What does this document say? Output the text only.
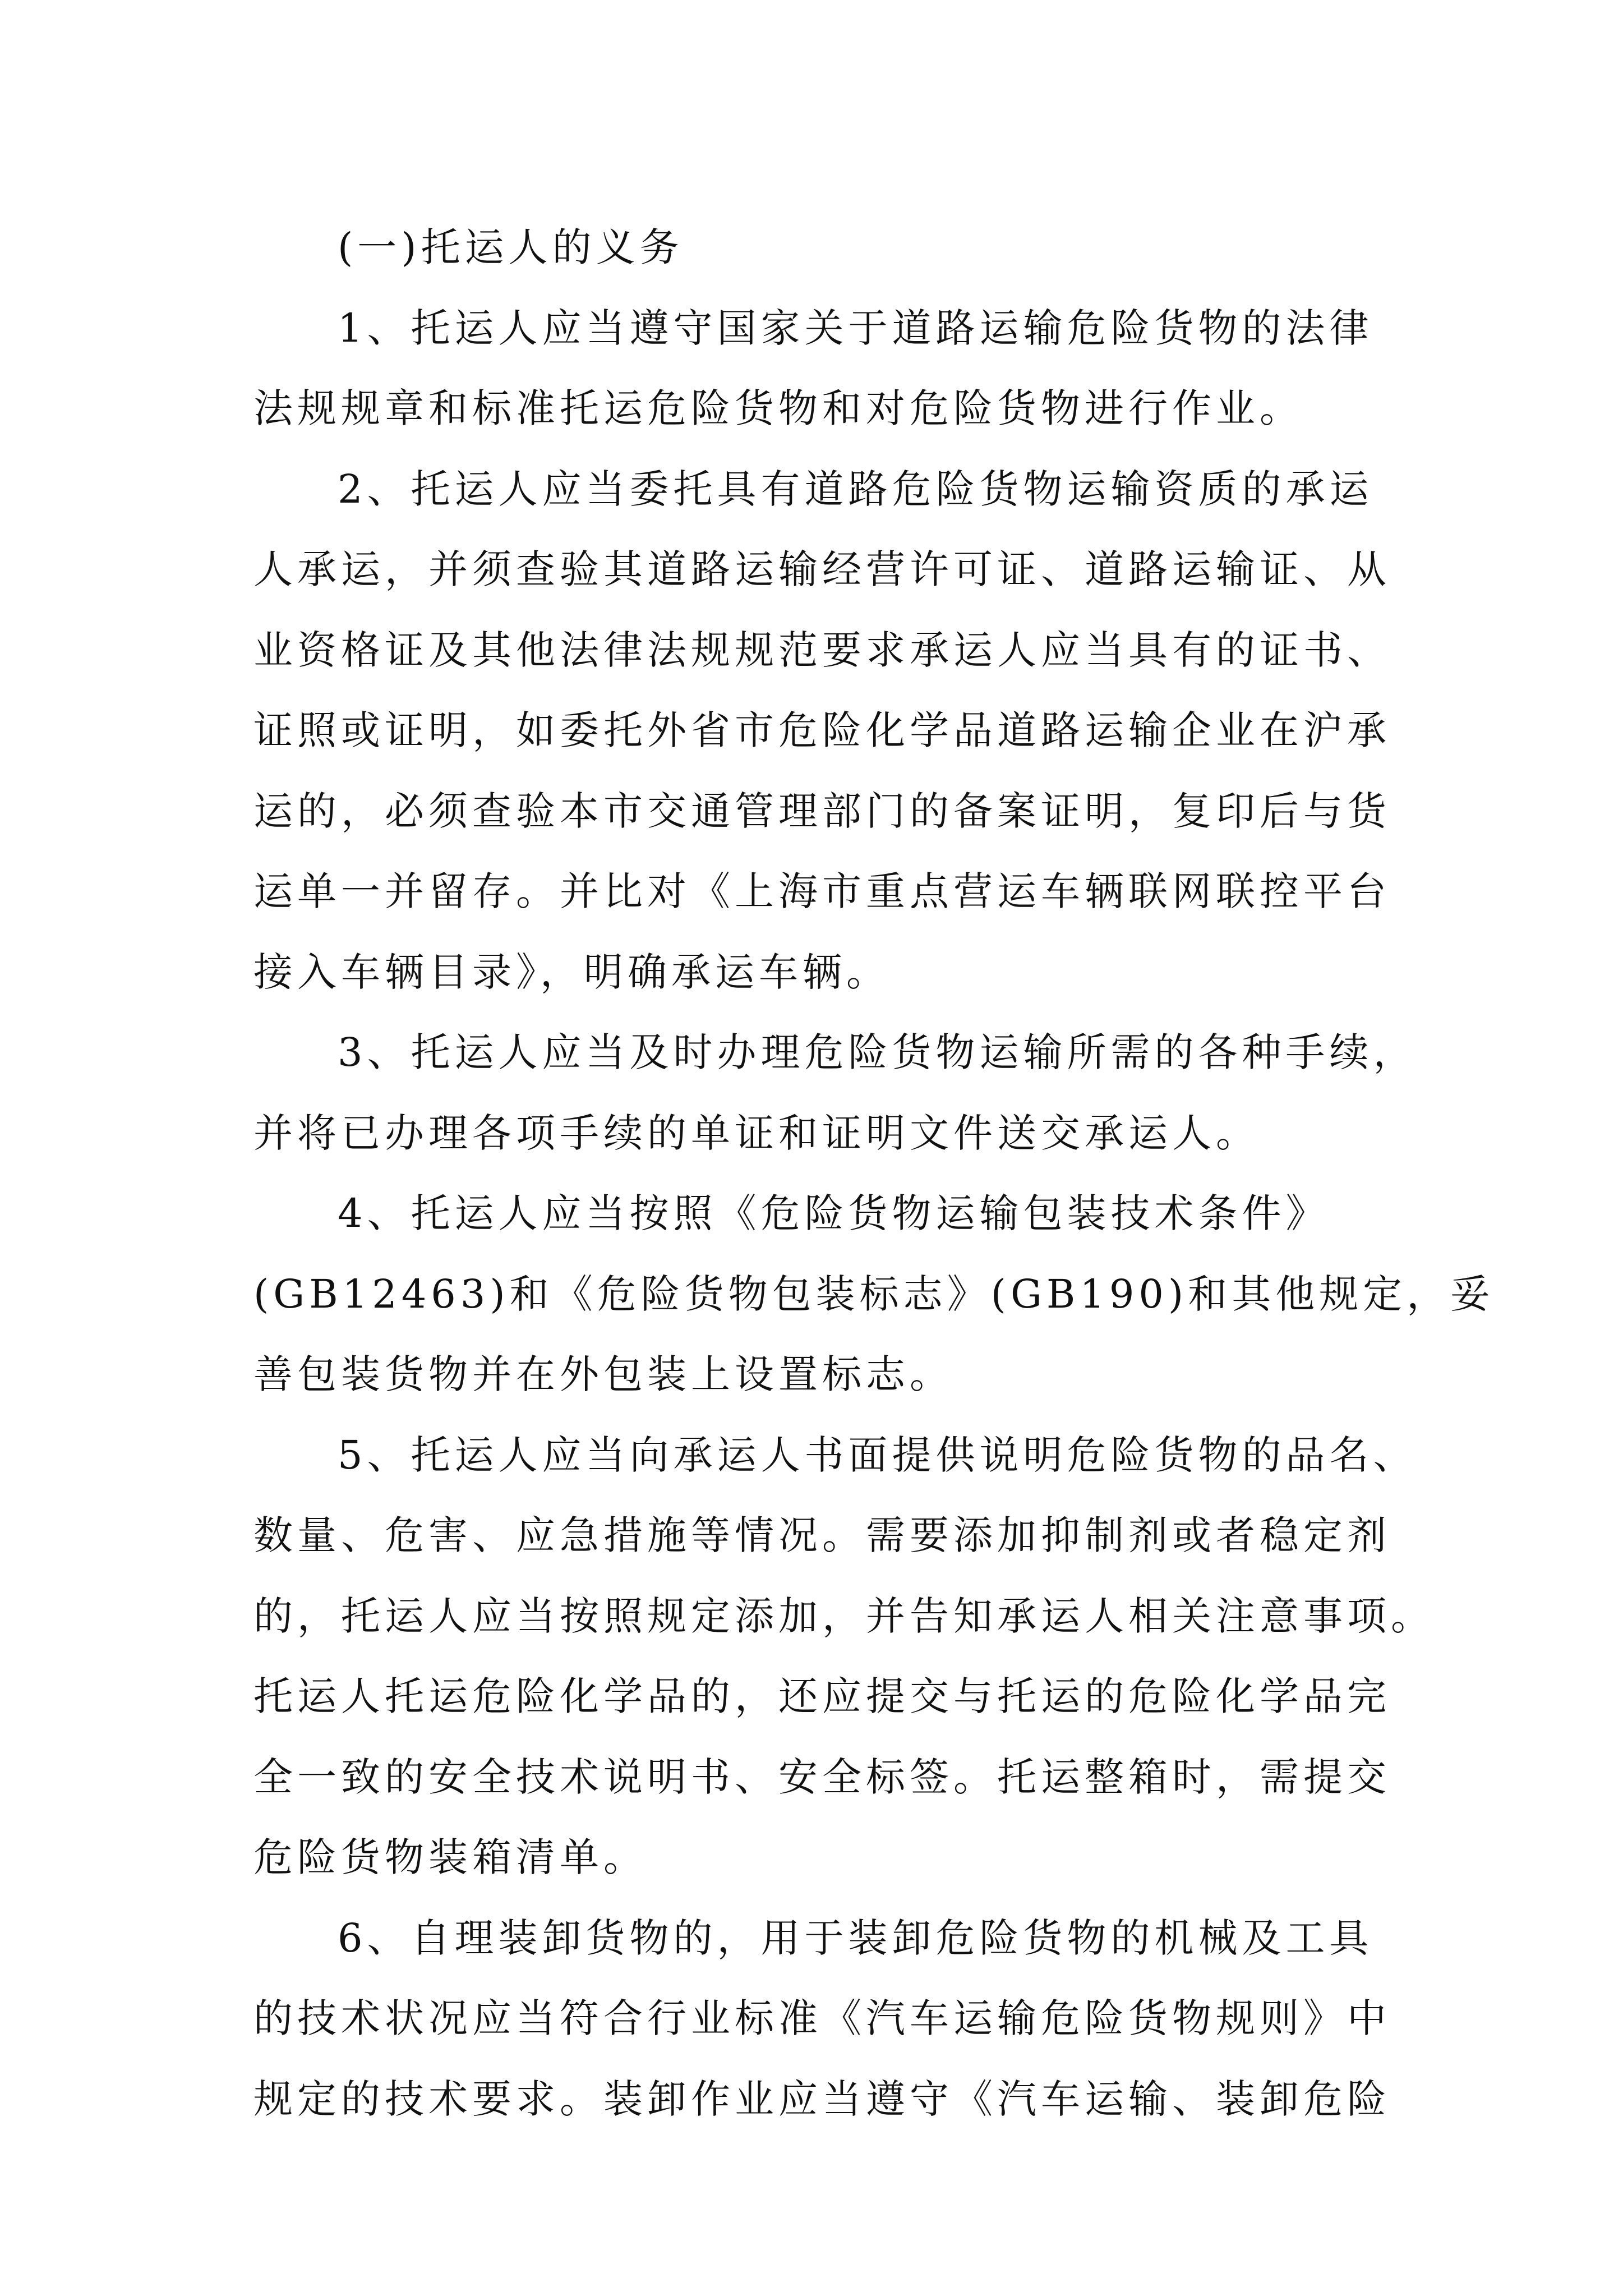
(一)托运人的义务
1、托运人应当遵守国家关于道路运输危险货物的法律
法规规章和标准托运危险货物和对危险货物进行作业。
2、托运人应当委托具有道路危险货物运输资质的承运
人承运，并须查验其道路运输经营许可证、道路运输证、从
业资格证及其他法律法规规范要求承运人应当具有的证书、
证照或证明，如委托外省市危险化学品道路运输企业在沪承
运的，必须查验本市交通管理部门的备案证明，复印后与货
运单一并留存。并比对《上海市重点营运车辆联网联控平台
接入车辆目录》，明确承运车辆。
3、托运人应当及时办理危险货物运输所需的各种手续，
并将已办理各项手续的单证和证明文件送交承运人。
4、托运人应当按照《危险货物运输包装技术条件》
(GB12463)和《危险货物包装标志》(GB190)和其他规定，妥
善包装货物并在外包装上设置标志。
5、托运人应当向承运人书面提供说明危险货物的品名、
数量、危害、应急措施等情况。需要添加抑制剂或者稳定剂
的，托运人应当按照规定添加，并告知承运人相关注意事项。
托运人托运危险化学品的，还应提交与托运的危险化学品完
全一致的安全技术说明书、安全标签。托运整箱时，需提交
危险货物装箱清单。
6、自理装卸货物的，用于装卸危险货物的机械及工具
的技术状况应当符合行业标准《汽车运输危险货物规则》中
规定的技术要求。装卸作业应当遵守《汽车运输、装卸危险
